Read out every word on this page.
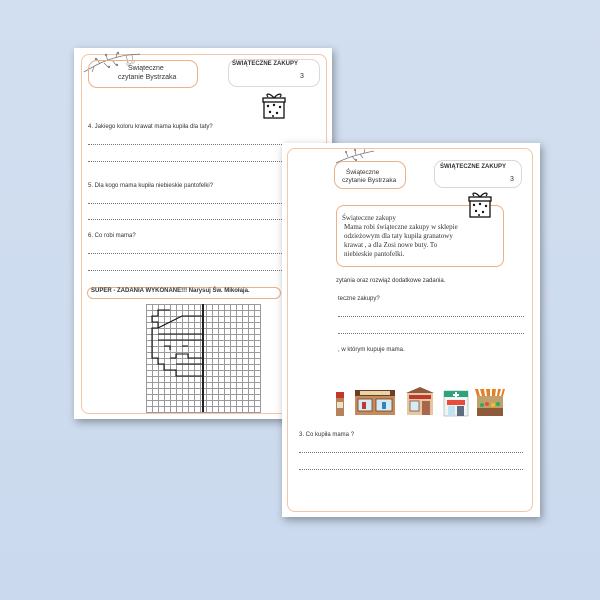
Świąteczne
czytanie Bystrzaka
ŚWIĄTECZNE ZAKUPY
3
4. Jakiego koloru krawat mama kupiła dla taty?
5. Dla kogo mama kupiła niebieskie pantofelki?
6. Co robi mama?
SUPER - ZADANIA WYKONANE!!! Narysuj Św. Mikołaja.
Świąteczne
czytanie Bystrzaka
ŚWIĄTECZNE ZAKUPY
3
Świąteczne zakupy
Mama robi świąteczne zakupy w sklepie
odzieżowym dla taty kupiła granatowy
krawat , a dla Zosi nowe buty. To
niebieskie pantofelki.
zytania oraz rozwiąż dodatkowe zadania.
teczne zakupy?
, w którym kupuje mama.
3. Co kupiła mama ?
